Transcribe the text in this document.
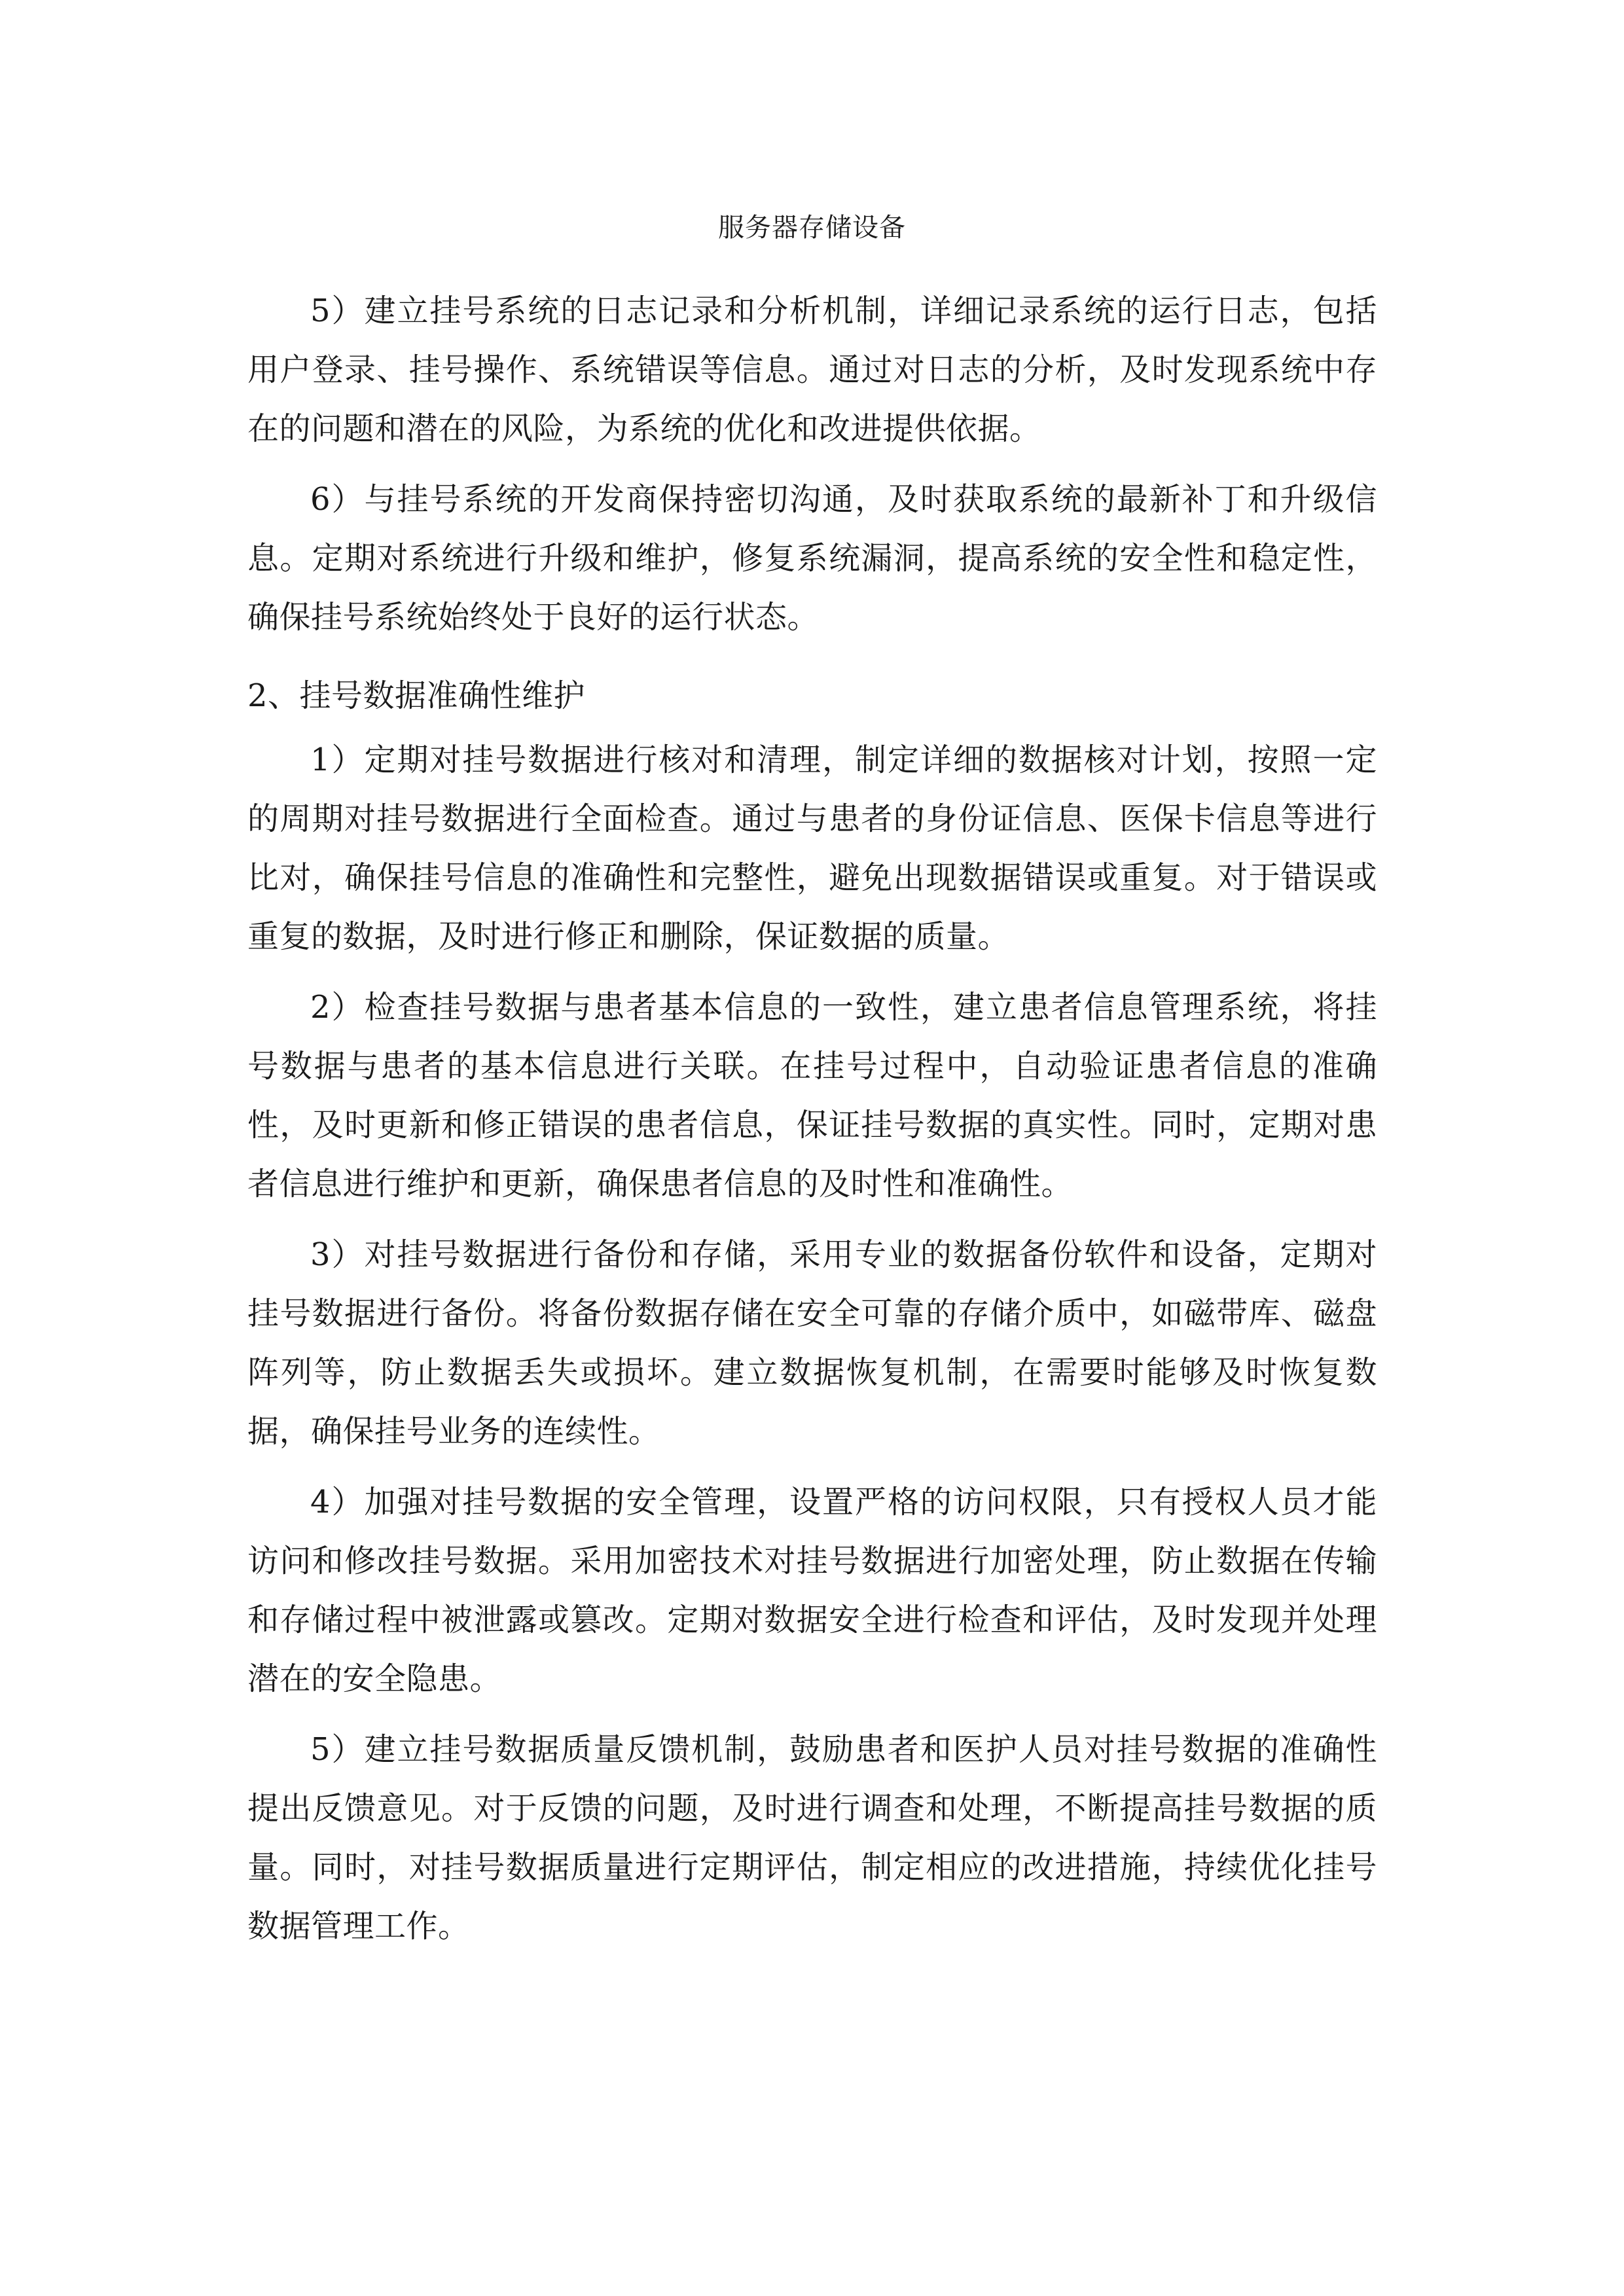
服务器存储设备

5）建立挂号系统的日志记录和分析机制，详细记录系统的运行日志，包括用户登录、挂号操作、系统错误等信息。通过对日志的分析，及时发现系统中存在的问题和潜在的风险，为系统的优化和改进提供依据。

6）与挂号系统的开发商保持密切沟通，及时获取系统的最新补丁和升级信息。定期对系统进行升级和维护，修复系统漏洞，提高系统的安全性和稳定性，确保挂号系统始终处于良好的运行状态。

2、挂号数据准确性维护

1）定期对挂号数据进行核对和清理，制定详细的数据核对计划，按照一定的周期对挂号数据进行全面检查。通过与患者的身份证信息、医保卡信息等进行比对，确保挂号信息的准确性和完整性，避免出现数据错误或重复。对于错误或重复的数据，及时进行修正和删除，保证数据的质量。

2）检查挂号数据与患者基本信息的一致性，建立患者信息管理系统，将挂号数据与患者的基本信息进行关联。在挂号过程中，自动验证患者信息的准确性，及时更新和修正错误的患者信息，保证挂号数据的真实性。同时，定期对患者信息进行维护和更新，确保患者信息的及时性和准确性。

3）对挂号数据进行备份和存储，采用专业的数据备份软件和设备，定期对挂号数据进行备份。将备份数据存储在安全可靠的存储介质中，如磁带库、磁盘阵列等，防止数据丢失或损坏。建立数据恢复机制，在需要时能够及时恢复数据，确保挂号业务的连续性。

4）加强对挂号数据的安全管理，设置严格的访问权限，只有授权人员才能访问和修改挂号数据。采用加密技术对挂号数据进行加密处理，防止数据在传输和存储过程中被泄露或篡改。定期对数据安全进行检查和评估，及时发现并处理潜在的安全隐患。

5）建立挂号数据质量反馈机制，鼓励患者和医护人员对挂号数据的准确性提出反馈意见。对于反馈的问题，及时进行调查和处理，不断提高挂号数据的质量。同时，对挂号数据质量进行定期评估，制定相应的改进措施，持续优化挂号数据管理工作。
